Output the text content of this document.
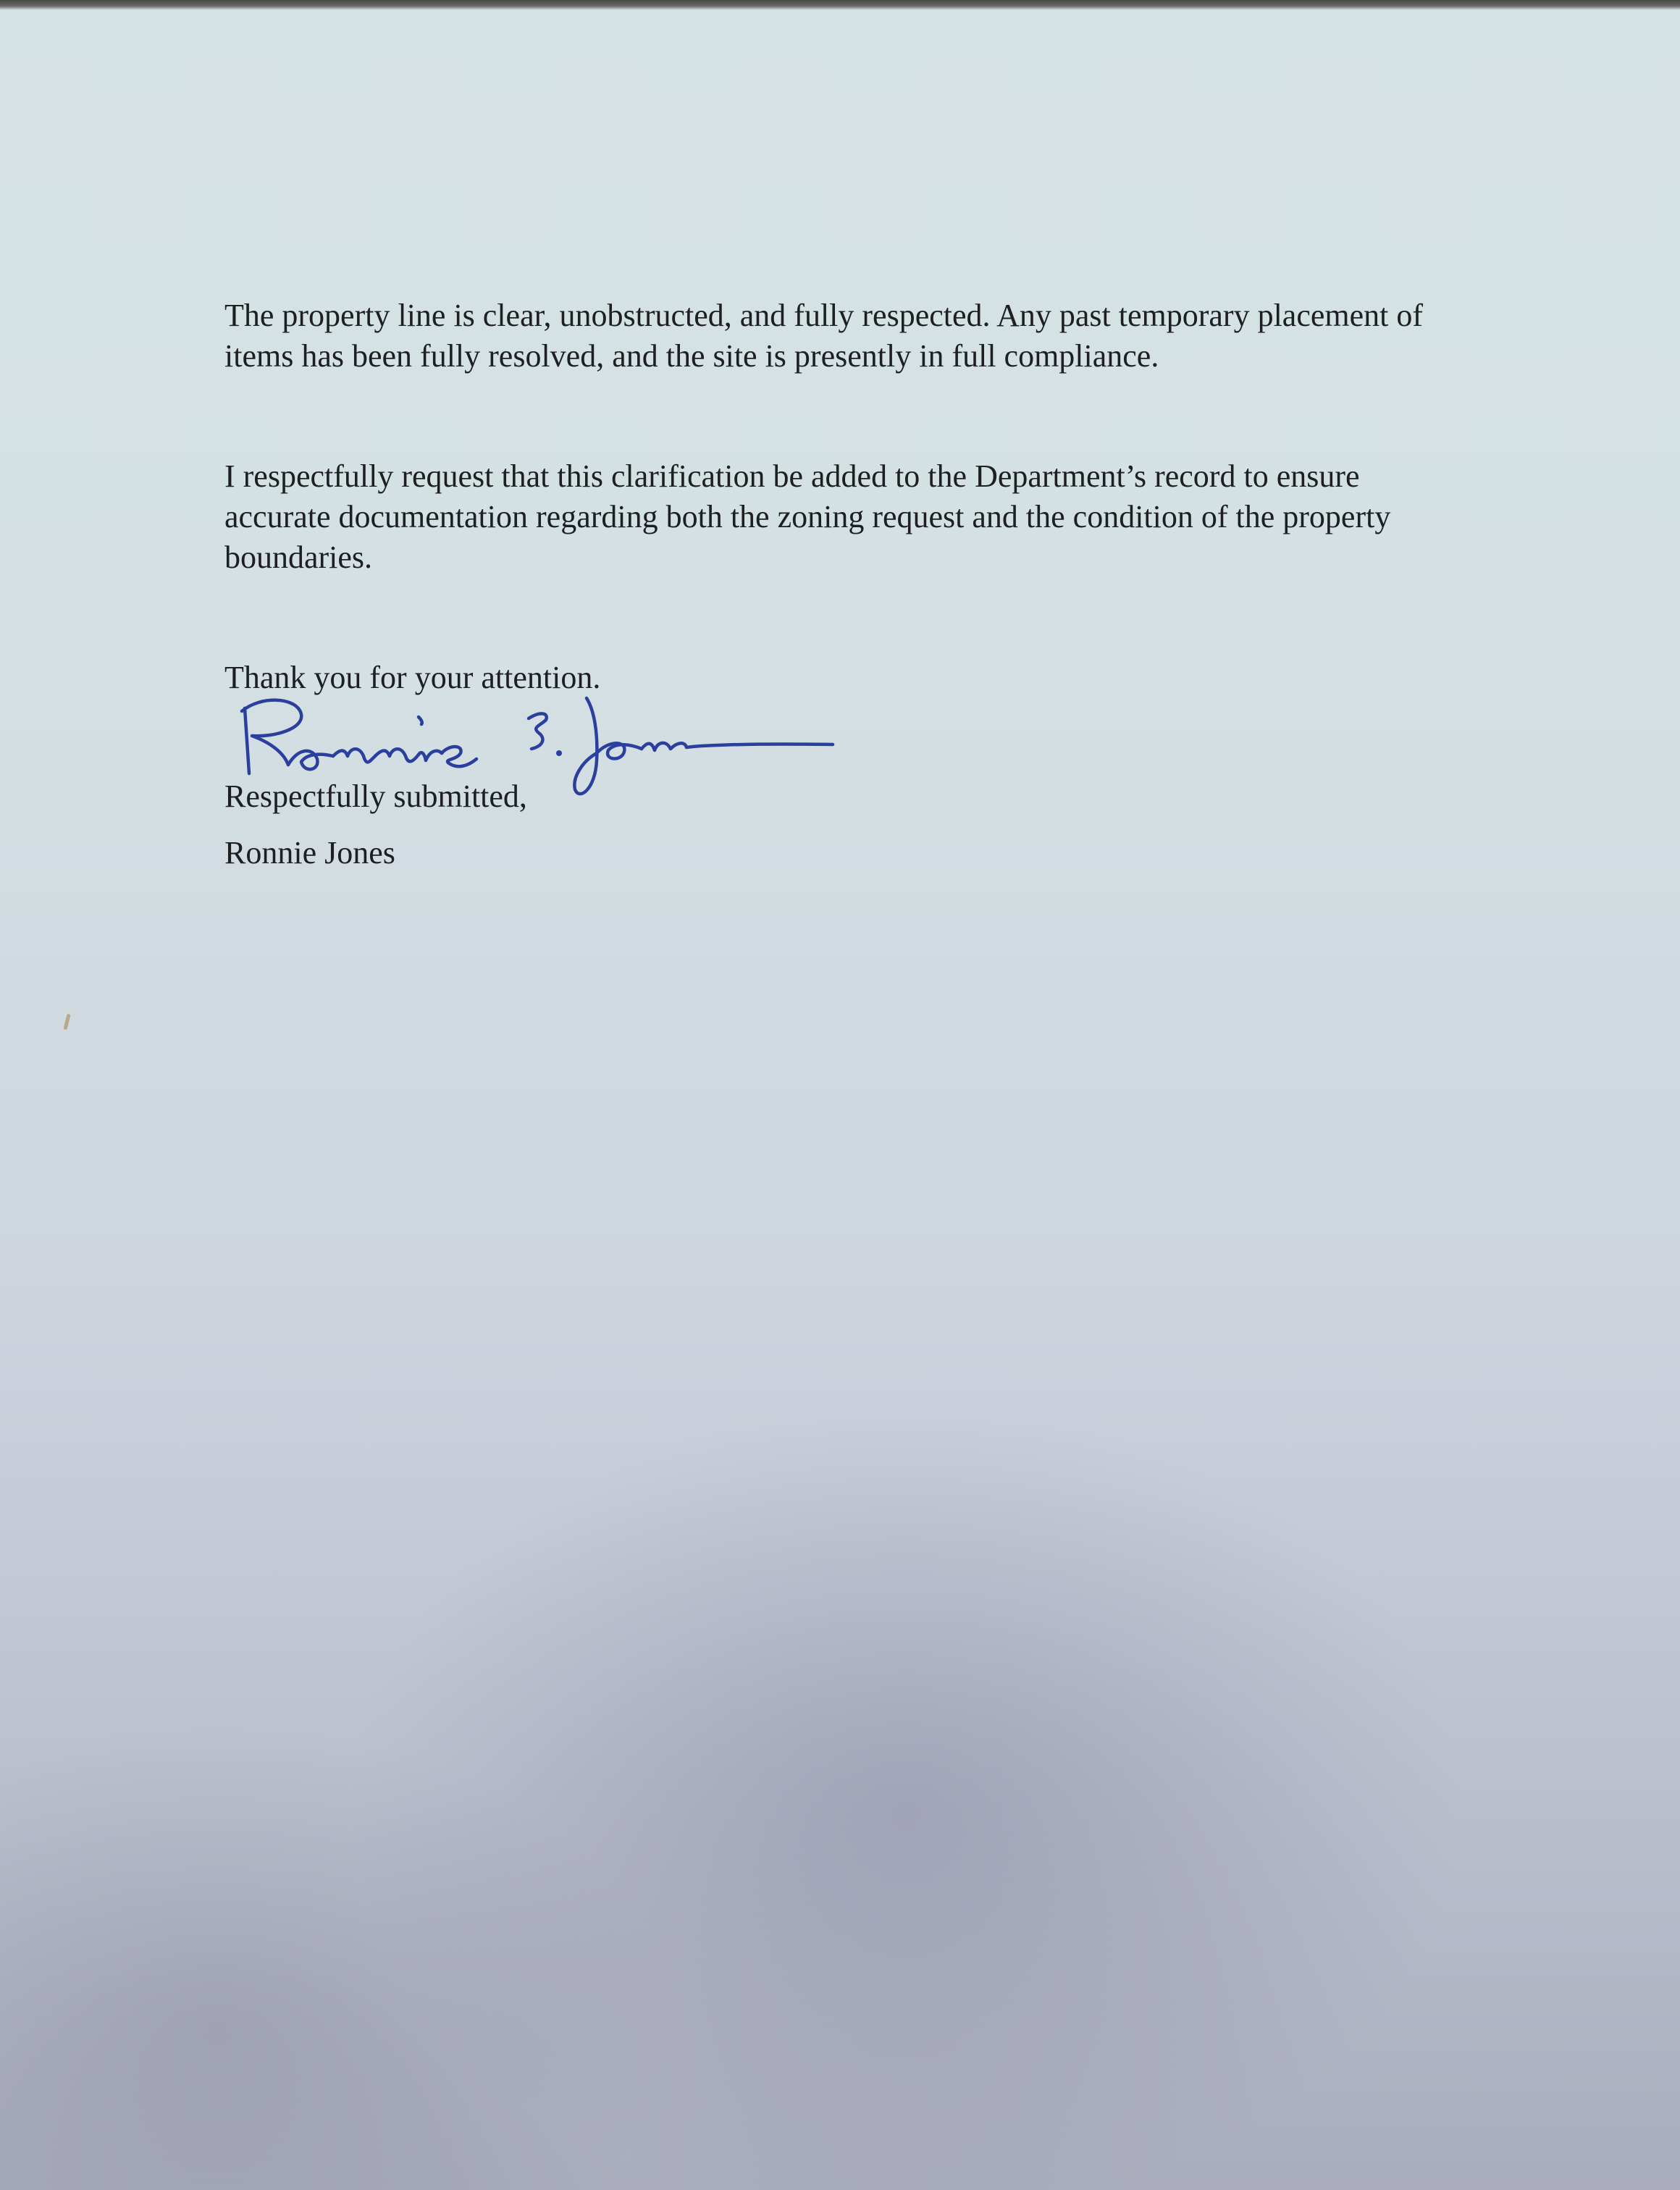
The property line is clear, unobstructed, and fully respected. Any past temporary placement of items has been fully resolved, and the site is presently in full compliance.

I respectfully request that this clarification be added to the Department’s record to ensure accurate documentation regarding both the zoning request and the condition of the property boundaries.

Thank you for your attention.

Respectfully submitted,

Ronnie Jones
